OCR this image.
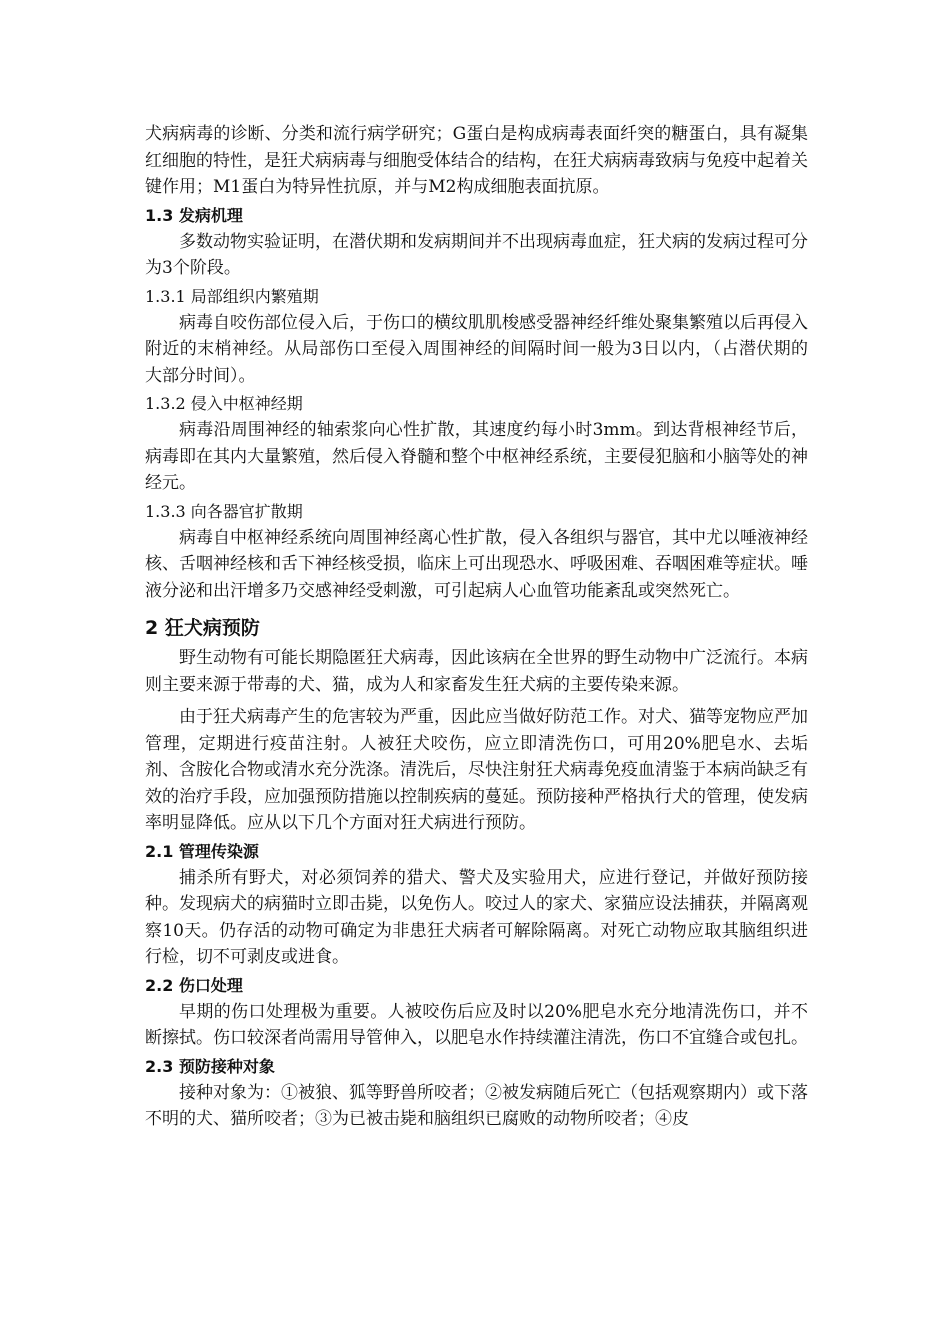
犬病病毒的诊断、分类和流行病学研究；G蛋白是构成病毒表面纤突的糖蛋白，具有凝集红细胞的特性，是狂犬病病毒与细胞受体结合的结构，在狂犬病病毒致病与免疫中起着关键作用；M1蛋白为特异性抗原，并与M2构成细胞表面抗原。

1.3 发病机理

多数动物实验证明，在潜伏期和发病期间并不出现病毒血症，狂犬病的发病过程可分为3个阶段。

1.3.1 局部组织内繁殖期

病毒自咬伤部位侵入后，于伤口的横纹肌肌梭感受器神经纤维处聚集繁殖以后再侵入附近的末梢神经。从局部伤口至侵入周围神经的间隔时间一般为3日以内，（占潜伏期的大部分时间）。

1.3.2 侵入中枢神经期

病毒沿周围神经的轴索浆向心性扩散，其速度约每小时3mm。到达背根神经节后，病毒即在其内大量繁殖，然后侵入脊髓和整个中枢神经系统，主要侵犯脑和小脑等处的神经元。

1.3.3 向各器官扩散期

病毒自中枢神经系统向周围神经离心性扩散，侵入各组织与器官，其中尤以唾液神经核、舌咽神经核和舌下神经核受损，临床上可出现恐水、呼吸困难、吞咽困难等症状。唾液分泌和出汗增多乃交感神经受刺激，可引起病人心血管功能紊乱或突然死亡。

2 狂犬病预防

野生动物有可能长期隐匿狂犬病毒，因此该病在全世界的野生动物中广泛流行。本病则主要来源于带毒的犬、猫，成为人和家畜发生狂犬病的主要传染来源。

由于狂犬病毒产生的危害较为严重，因此应当做好防范工作。对犬、猫等宠物应严加管理，定期进行疫苗注射。人被狂犬咬伤，应立即清洗伤口，可用20%肥皂水、去垢剂、含胺化合物或清水充分洗涤。清洗后，尽快注射狂犬病毒免疫血清鉴于本病尚缺乏有效的治疗手段，应加强预防措施以控制疾病的蔓延。预防接种严格执行犬的管理，使发病率明显降低。应从以下几个方面对狂犬病进行预防。

2.1 管理传染源

捕杀所有野犬，对必须饲养的猎犬、警犬及实验用犬，应进行登记，并做好预防接种。发现病犬的病猫时立即击毙，以免伤人。咬过人的家犬、家猫应设法捕获，并隔离观察10天。仍存活的动物可确定为非患狂犬病者可解除隔离。对死亡动物应取其脑组织进行检，切不可剥皮或进食。

2.2 伤口处理

早期的伤口处理极为重要。人被咬伤后应及时以20%肥皂水充分地清洗伤口，并不断擦拭。伤口较深者尚需用导管伸入，以肥皂水作持续灌注清洗，伤口不宜缝合或包扎。

2.3 预防接种对象

接种对象为：①被狼、狐等野兽所咬者；②被发病随后死亡（包括观察期内）或下落不明的犬、猫所咬者；③为已被击毙和脑组织已腐败的动物所咬者；④皮
